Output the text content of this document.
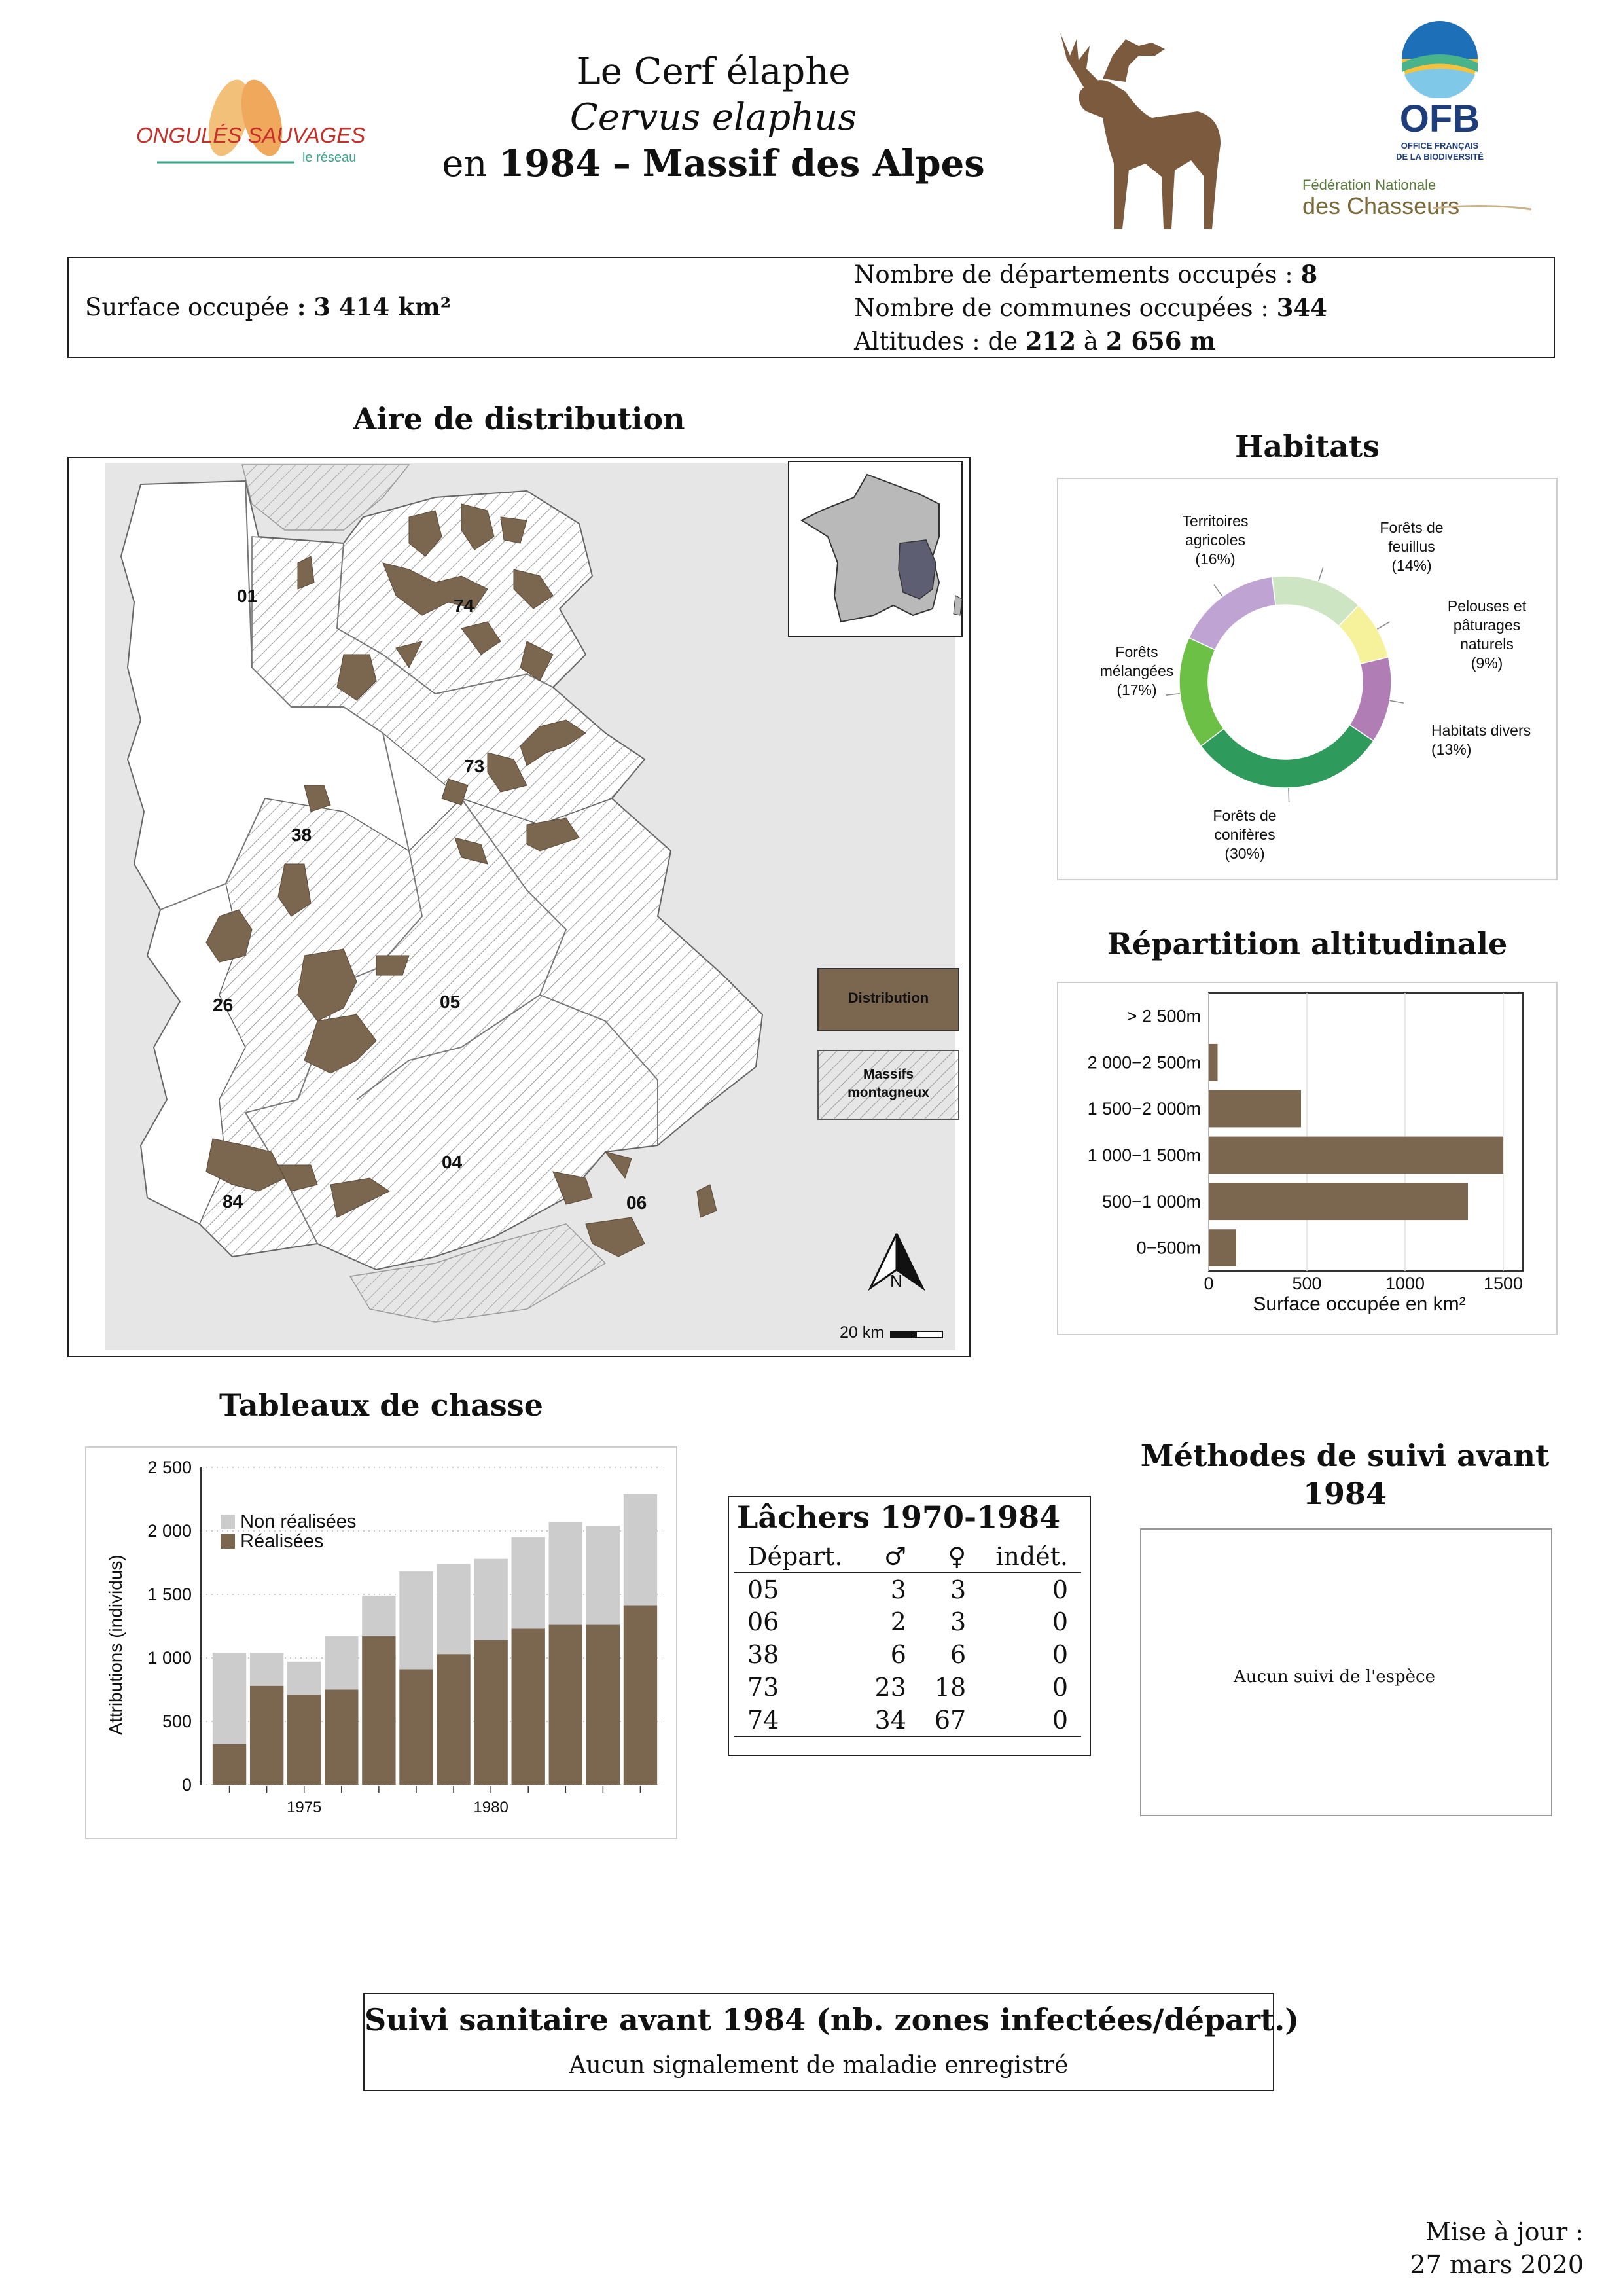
ONGULÉS SAUVAGES
le réseau
Le Cerf élaphe
Cervus elaphus
en 1984 – Massif des Alpes
OFB
OFFICE FRANÇAIS
DE LA BIODIVERSITÉ
Fédération Nationale
des Chasseurs
Surface occupée : 3 414 km²
Nombre de départements occupés : 8
Nombre de communes occupées : 344
Altitudes : de 212 à 2 656 m
Aire de distribution
01	74
73
38
26	05
04
84	06
Distribution
Massifs
montagneux
N
20 km
Habitats
Forêts de
feuillus
(14%)
Pelouses et
pâturages
naturels
(9%)
Habitats divers
(13%)
Forêts de
conifères
(30%)
Forêts
mélangées
(17%)
Territoires
agricoles
(16%)
Répartition altitudinale
0	500	1000	1500
> 2 500m
2 000−2 500m
1 500−2 000m
1 000−1 500m
500−1 000m
0−500m
Surface occupée en km²
Tableaux de chasse
0
500
1 000
1 500
2 000
2 500
1975	1980
Attributions (individus)
Non réalisées
Réalisées
Lâchers 1970-1984
Départ.	♂	♀	indét.
05	3	3	0
06	2	3	0
38	6	6	0
73	23	18	0
74	34	67	0
Méthodes de suivi avant
1984
Aucun suivi de l'espèce
Suivi sanitaire avant 1984 (nb. zones infectées/départ.)
Aucun signalement de maladie enregistré
Mise à jour :
27 mars 2020
